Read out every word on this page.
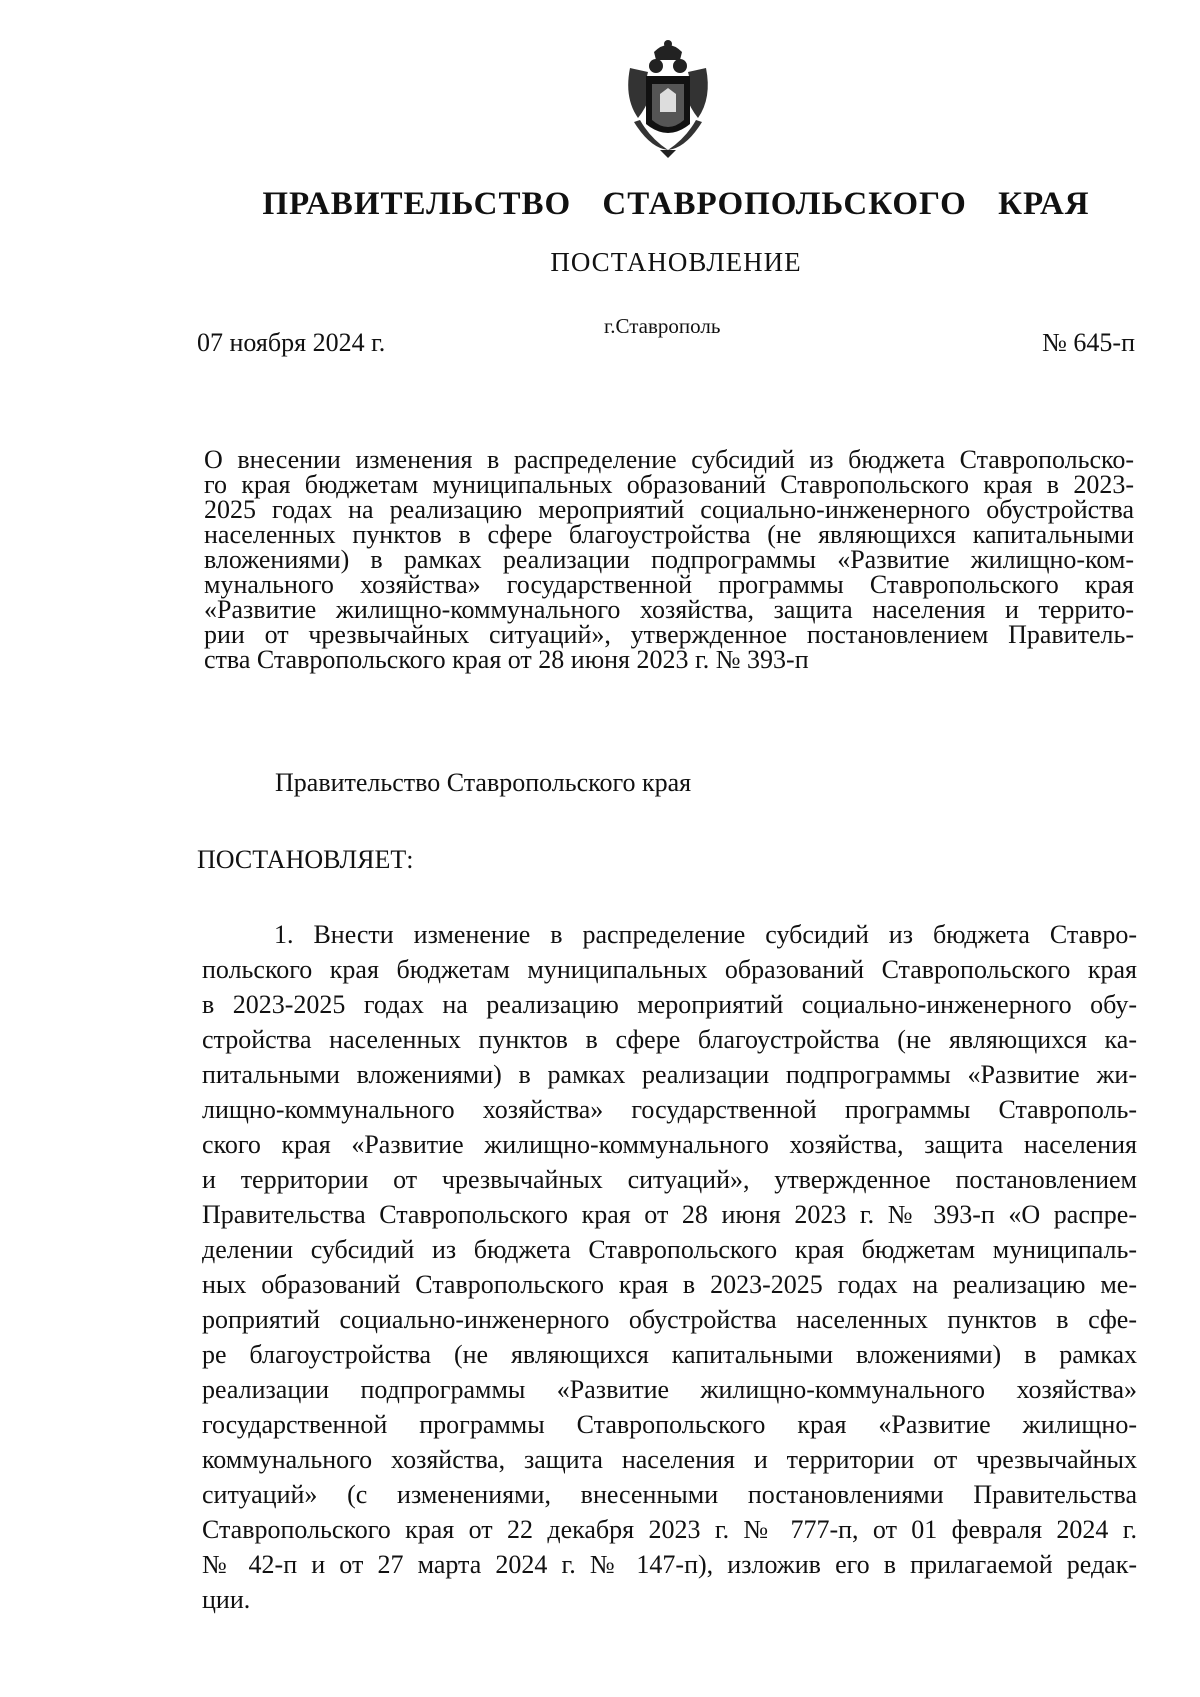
ПРАВИТЕЛЬСТВО СТАВРОПОЛЬСКОГО КРАЯ
ПОСТАНОВЛЕНИЕ
07 ноября 2024 г.
г.Ставрополь
№ 645-п
О внесении изменения в распределение субсидий из бюджета Ставропольско-
го края бюджетам муниципальных образований Ставропольского края в 2023-
2025 годах на реализацию мероприятий социально-инженерного обустройства
населенных пунктов в сфере благоустройства (не являющихся капитальными
вложениями) в рамках реализации подпрограммы «Развитие жилищно-ком-
мунального хозяйства» государственной программы Ставропольского края
«Развитие жилищно-коммунального хозяйства, защита населения и террито-
рии от чрезвычайных ситуаций», утвержденное постановлением Правитель-
ства Ставропольского края от 28 июня 2023 г. № 393-п
Правительство Ставропольского края
ПОСТАНОВЛЯЕТ:
1. Внести изменение в распределение субсидий из бюджета Ставро-
польского края бюджетам муниципальных образований Ставропольского края
в 2023-2025 годах на реализацию мероприятий социально-инженерного обу-
стройства населенных пунктов в сфере благоустройства (не являющихся ка-
питальными вложениями) в рамках реализации подпрограммы «Развитие жи-
лищно-коммунального хозяйства» государственной программы Ставрополь-
ского края «Развитие жилищно-коммунального хозяйства, защита населения
и территории от чрезвычайных ситуаций», утвержденное постановлением
Правительства Ставропольского края от 28 июня 2023 г. № 393-п «О распре-
делении субсидий из бюджета Ставропольского края бюджетам муниципаль-
ных образований Ставропольского края в 2023-2025 годах на реализацию ме-
роприятий социально-инженерного обустройства населенных пунктов в сфе-
ре благоустройства (не являющихся капитальными вложениями) в рамках
реализации подпрограммы «Развитие жилищно-коммунального хозяйства»
государственной программы Ставропольского края «Развитие жилищно-
коммунального хозяйства, защита населения и территории от чрезвычайных
ситуаций» (с изменениями, внесенными постановлениями Правительства
Ставропольского края от 22 декабря 2023 г. № 777-п, от 01 февраля 2024 г.
№ 42-п и от 27 марта 2024 г. № 147-п), изложив его в прилагаемой редак-
ции.
